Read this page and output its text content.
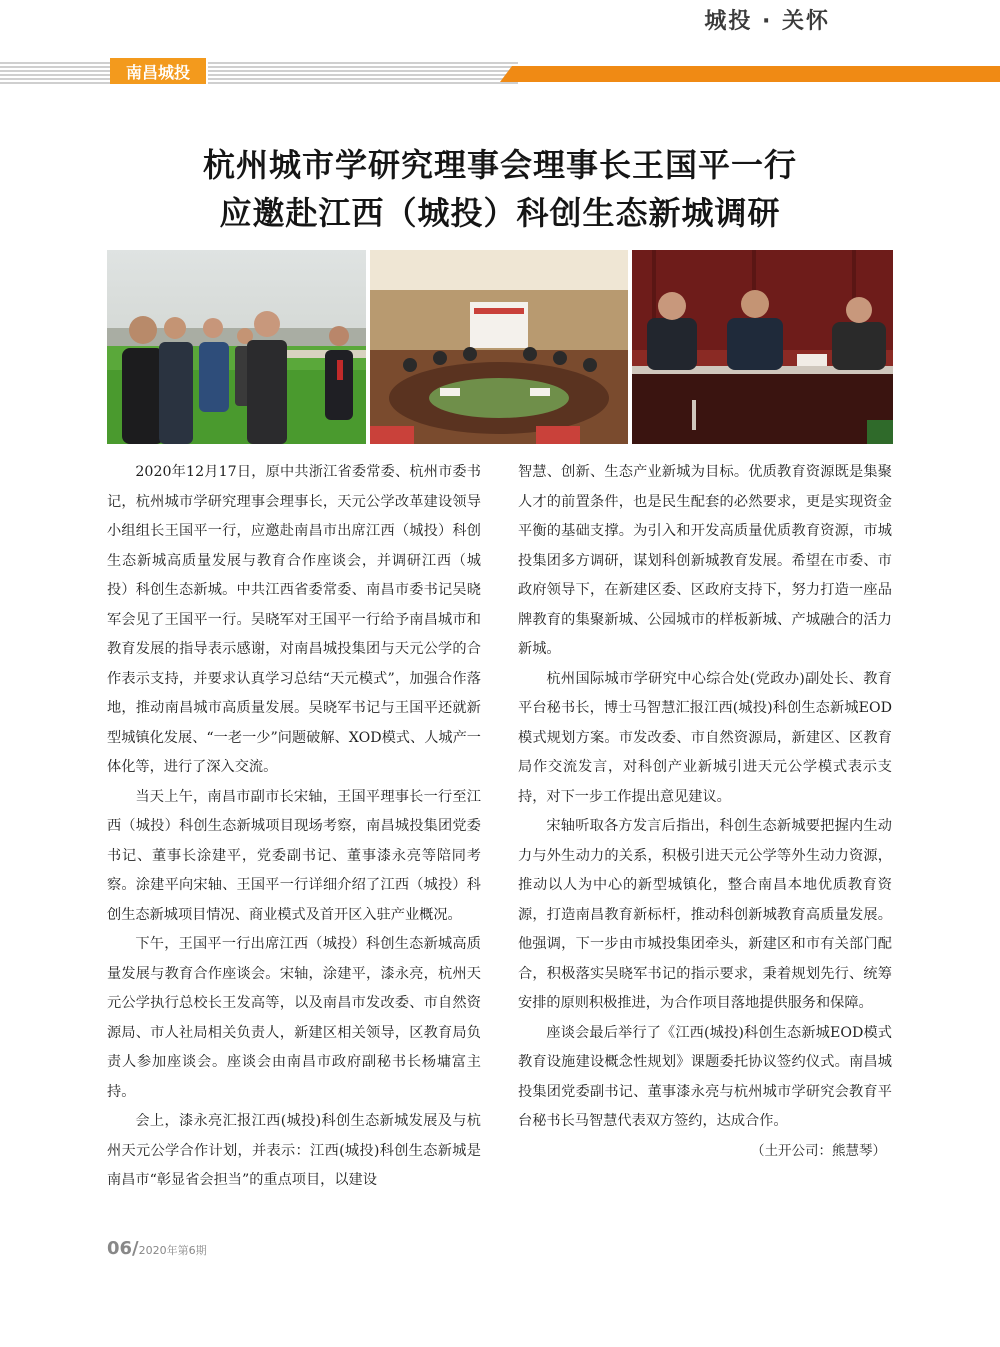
城投 · 关怀
南昌城投
杭州城市学研究理事会理事长王国平一行
应邀赴江西（城投）科创生态新城调研

2020年12月17日，原中共浙江省委常委、杭州市委书记，杭州城市学研究理事会理事长，天元公学改革建设领导小组组长王国平一行，应邀赴南昌市出席江西（城投）科创生态新城高质量发展与教育合作座谈会，并调研江西（城投）科创生态新城。中共江西省委常委、南昌市委书记吴晓军会见了王国平一行。吴晓军对王国平一行给予南昌城市和教育发展的指导表示感谢，对南昌城投集团与天元公学的合作表示支持，并要求认真学习总结“天元模式”，加强合作落地，推动南昌城市高质量发展。吴晓军书记与王国平还就新型城镇化发展、“一老一少”问题破解、XOD模式、人城产一体化等，进行了深入交流。

当天上午，南昌市副市长宋轴，王国平理事长一行至江西（城投）科创生态新城项目现场考察，南昌城投集团党委书记、董事长涂建平，党委副书记、董事漆永亮等陪同考察。涂建平向宋轴、王国平一行详细介绍了江西（城投）科创生态新城项目情况、商业模式及首开区入驻产业概况。

下午，王国平一行出席江西（城投）科创生态新城高质量发展与教育合作座谈会。宋轴，涂建平，漆永亮，杭州天元公学执行总校长王发高等，以及南昌市发改委、市自然资源局、市人社局相关负责人，新建区相关领导，区教育局负责人参加座谈会。座谈会由南昌市政府副秘书长杨墉富主持。

会上，漆永亮汇报江西(城投)科创生态新城发展及与杭州天元公学合作计划，并表示：江西(城投)科创生态新城是南昌市“彰显省会担当”的重点项目，以建设

智慧、创新、生态产业新城为目标。优质教育资源既是集聚人才的前置条件，也是民生配套的必然要求，更是实现资金平衡的基础支撑。为引入和开发高质量优质教育资源，市城投集团多方调研，谋划科创新城教育发展。希望在市委、市政府领导下，在新建区委、区政府支持下，努力打造一座品牌教育的集聚新城、公园城市的样板新城、产城融合的活力新城。

杭州国际城市学研究中心综合处(党政办)副处长、教育平台秘书长，博士马智慧汇报江西(城投)科创生态新城EOD模式规划方案。市发改委、市自然资源局，新建区、区教育局作交流发言，对科创产业新城引进天元公学模式表示支持，对下一步工作提出意见建议。

宋轴听取各方发言后指出，科创生态新城要把握内生动力与外生动力的关系，积极引进天元公学等外生动力资源，推动以人为中心的新型城镇化，整合南昌本地优质教育资源，打造南昌教育新标杆，推动科创新城教育高质量发展。他强调，下一步由市城投集团牵头，新建区和市有关部门配合，积极落实吴晓军书记的指示要求，秉着规划先行、统筹安排的原则积极推进，为合作项目落地提供服务和保障。

座谈会最后举行了《江西(城投)科创生态新城EOD模式教育设施建设概念性规划》课题委托协议签约仪式。南昌城投集团党委副书记、董事漆永亮与杭州城市学研究会教育平台秘书长马智慧代表双方签约，达成合作。

（土开公司：熊慧琴）
06/2020年第6期
